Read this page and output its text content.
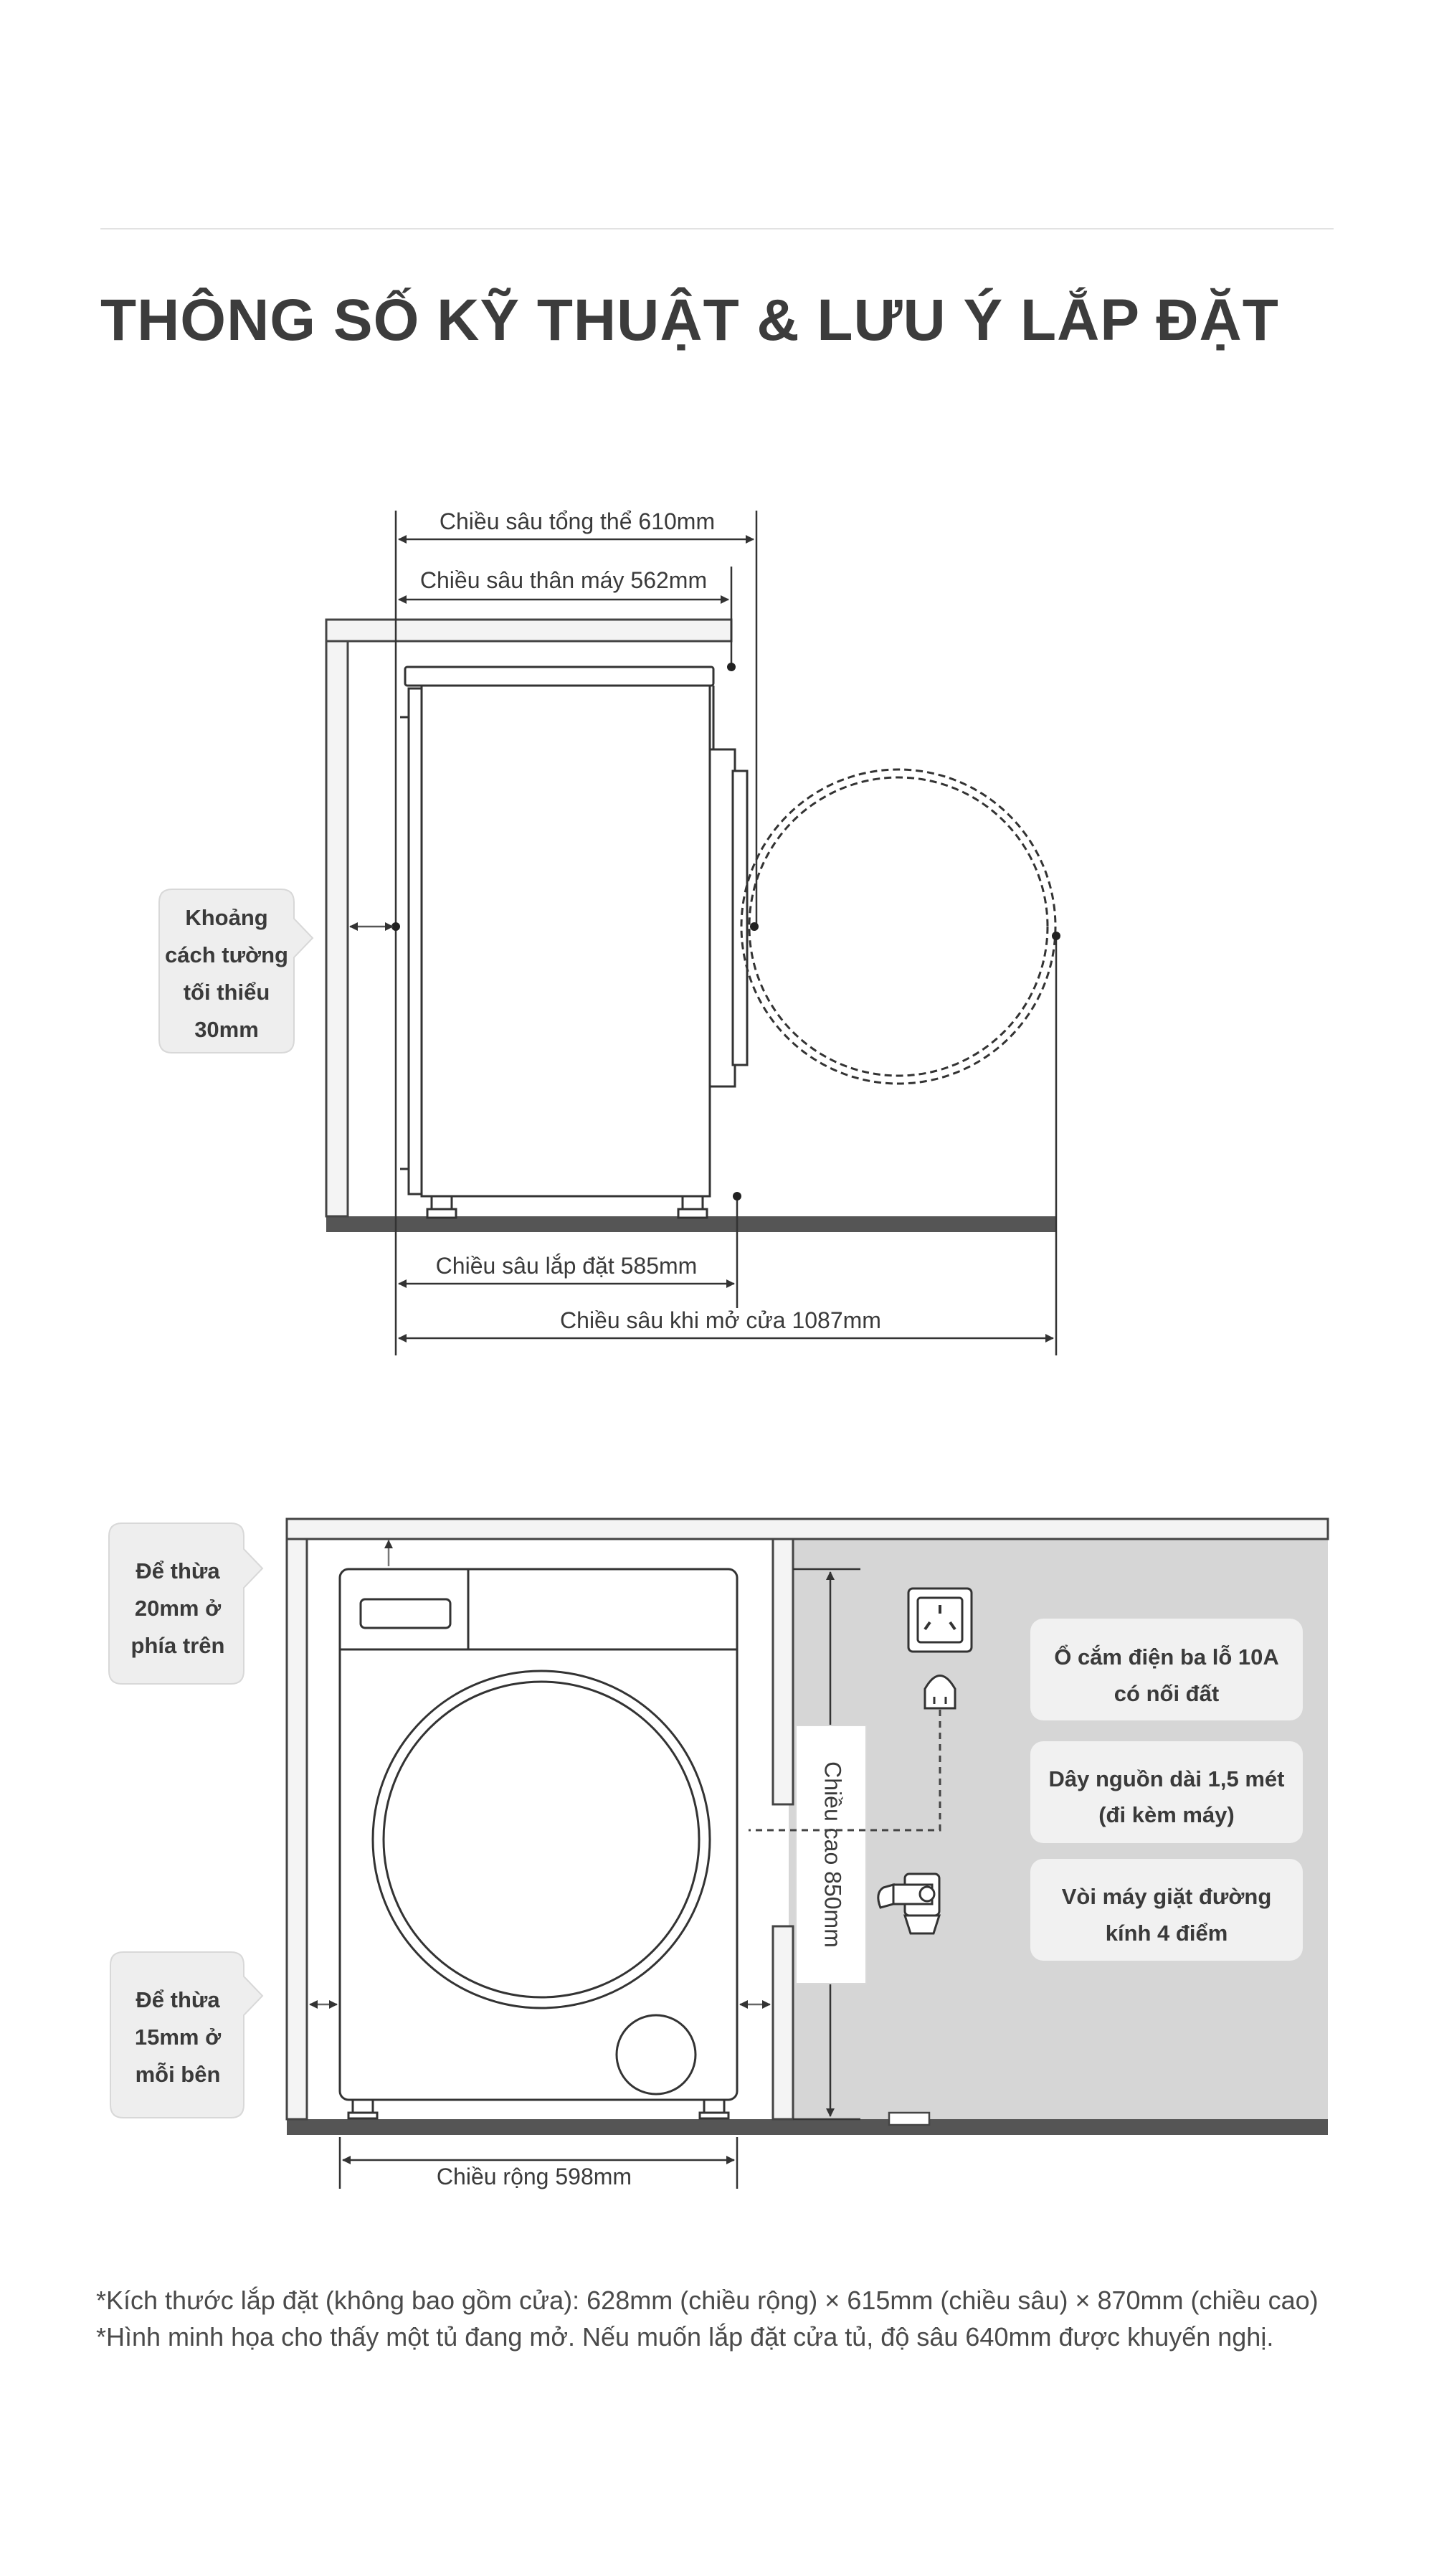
THÔNG SỐ KỸ THUẬT & LƯU Ý LẮP ĐẶT
Chiều sâu tổng thể 610mm
Chiều sâu thân máy 562mm
Chiều sâu lắp đặt 585mm
Chiều sâu khi mở cửa 1087mm
Khoảng
cách tường
tối thiểu
30mm
Chiều cao 850mm
Chiều rộng 598mm
Ổ cắm điện ba lỗ 10A
có nối đất
Dây nguồn dài 1,5 mét
(đi kèm máy)
Vòi máy giặt đường
kính 4 điểm
Để thừa
20mm ở
phía trên
Để thừa
15mm ở
mỗi bên

*Kích thước lắp đặt (không bao gồm cửa): 628mm (chiều rộng) × 615mm (chiều sâu) × 870mm (chiều cao)

*Hình minh họa cho thấy một tủ đang mở. Nếu muốn lắp đặt cửa tủ, độ sâu 640mm được khuyến nghị.
